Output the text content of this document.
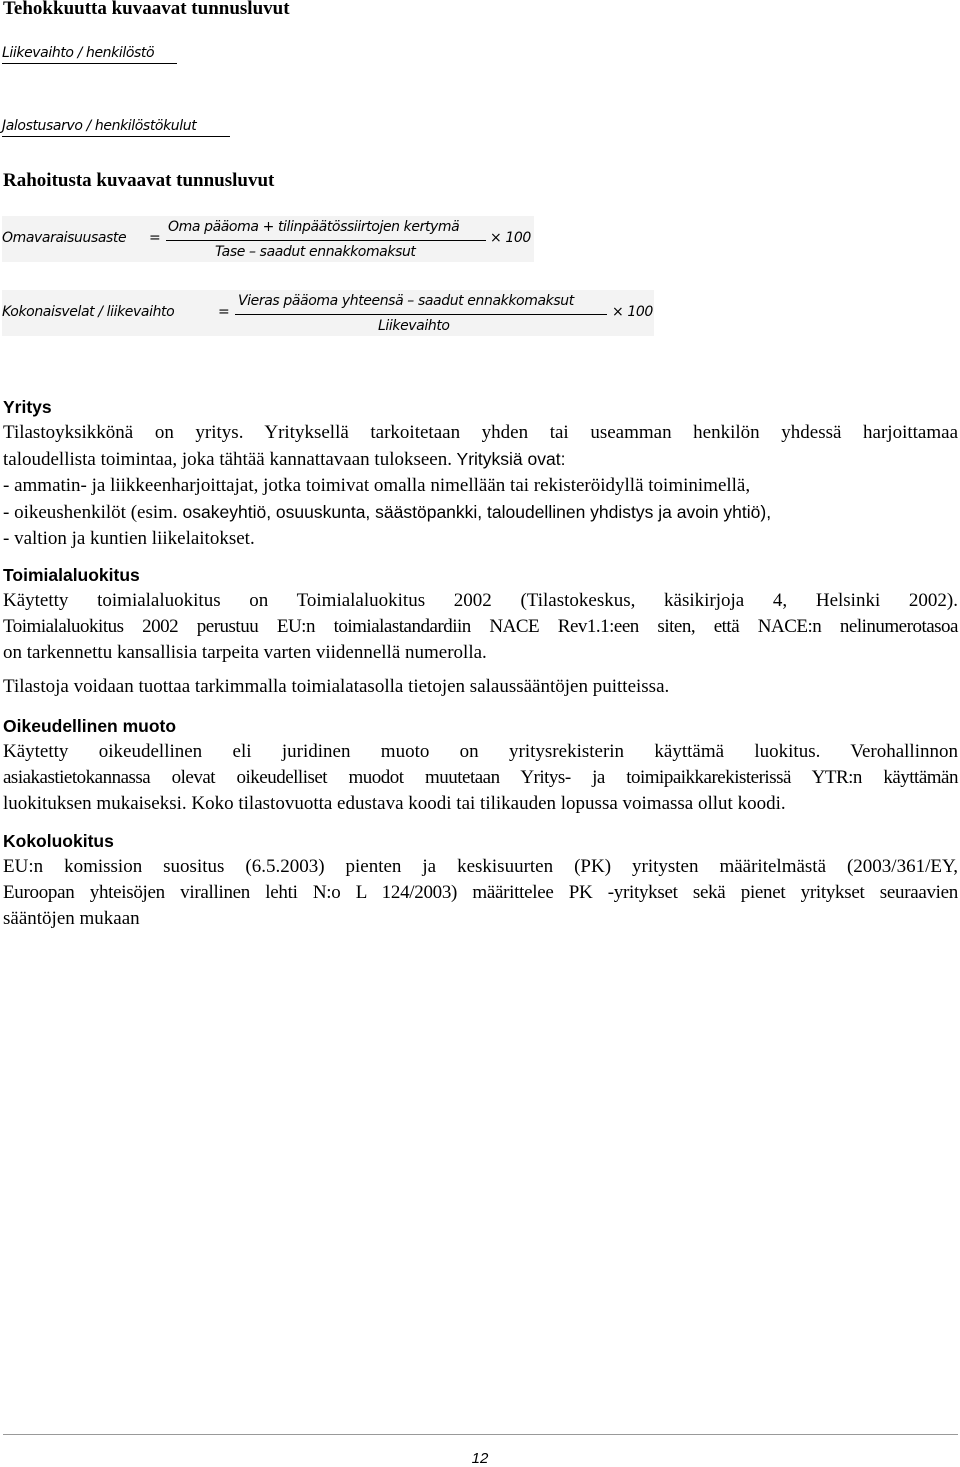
Tehokkuutta kuvaavat tunnusluvut
Liikevaihto / henkilöstö
Jalostusarvo / henkilöstökulut
Rahoitusta kuvaavat tunnusluvut
Omavaraisuusaste =
Oma pääoma + tilinpäätössiirtojen kertymä
Tase – saadut ennakkomaksut
× 100
Kokonaisvelat / liikevaihto	=
Vieras pääoma yhteensä – saadut ennakkomaksut
Liikevaihto
× 100

Yritys

Tilastoyksikkönä on yritys. Yrityksellä tarkoitetaan yhden tai useamman henkilön yhdessä harjoittamaa

taloudellista toimintaa, joka tähtää kannattavaan tulokseen. Yrityksiä ovat:

- ammatin- ja liikkeenharjoittajat, jotka toimivat omalla nimellään tai rekisteröidyllä toiminimellä,

- oikeushenkilöt (esim. osakeyhtiö, osuuskunta, säästöpankki, taloudellinen yhdistys ja avoin yhtiö),

- valtion ja kuntien liikelaitokset.

Toimialaluokitus

Käytetty toimialaluokitus on Toimialaluokitus 2002 (Tilastokeskus, käsikirjoja 4, Helsinki 2002).

Toimialaluokitus 2002 perustuu EU:n toimialastandardiin NACE Rev1.1:een siten, että NACE:n nelinumerotasoa

on tarkennettu kansallisia tarpeita varten viidennellä numerolla.

Tilastoja voidaan tuottaa tarkimmalla toimialatasolla tietojen salaussääntöjen puitteissa.

Oikeudellinen muoto

Käytetty oikeudellinen eli juridinen muoto on yritysrekisterin käyttämä luokitus. Verohallinnon

asiakastietokannassa olevat oikeudelliset muodot muutetaan Yritys- ja toimipaikkarekisterissä YTR:n käyttämän

luokituksen mukaiseksi. Koko tilastovuotta edustava koodi tai tilikauden lopussa voimassa ollut koodi.

Kokoluokitus

EU:n komission suositus (6.5.2003) pienten ja keskisuurten (PK) yritysten määritelmästä (2003/361/EY,

Euroopan yhteisöjen virallinen lehti N:o L 124/2003) määrittelee PK -yritykset sekä pienet yritykset seuraavien

sääntöjen mukaan

12
